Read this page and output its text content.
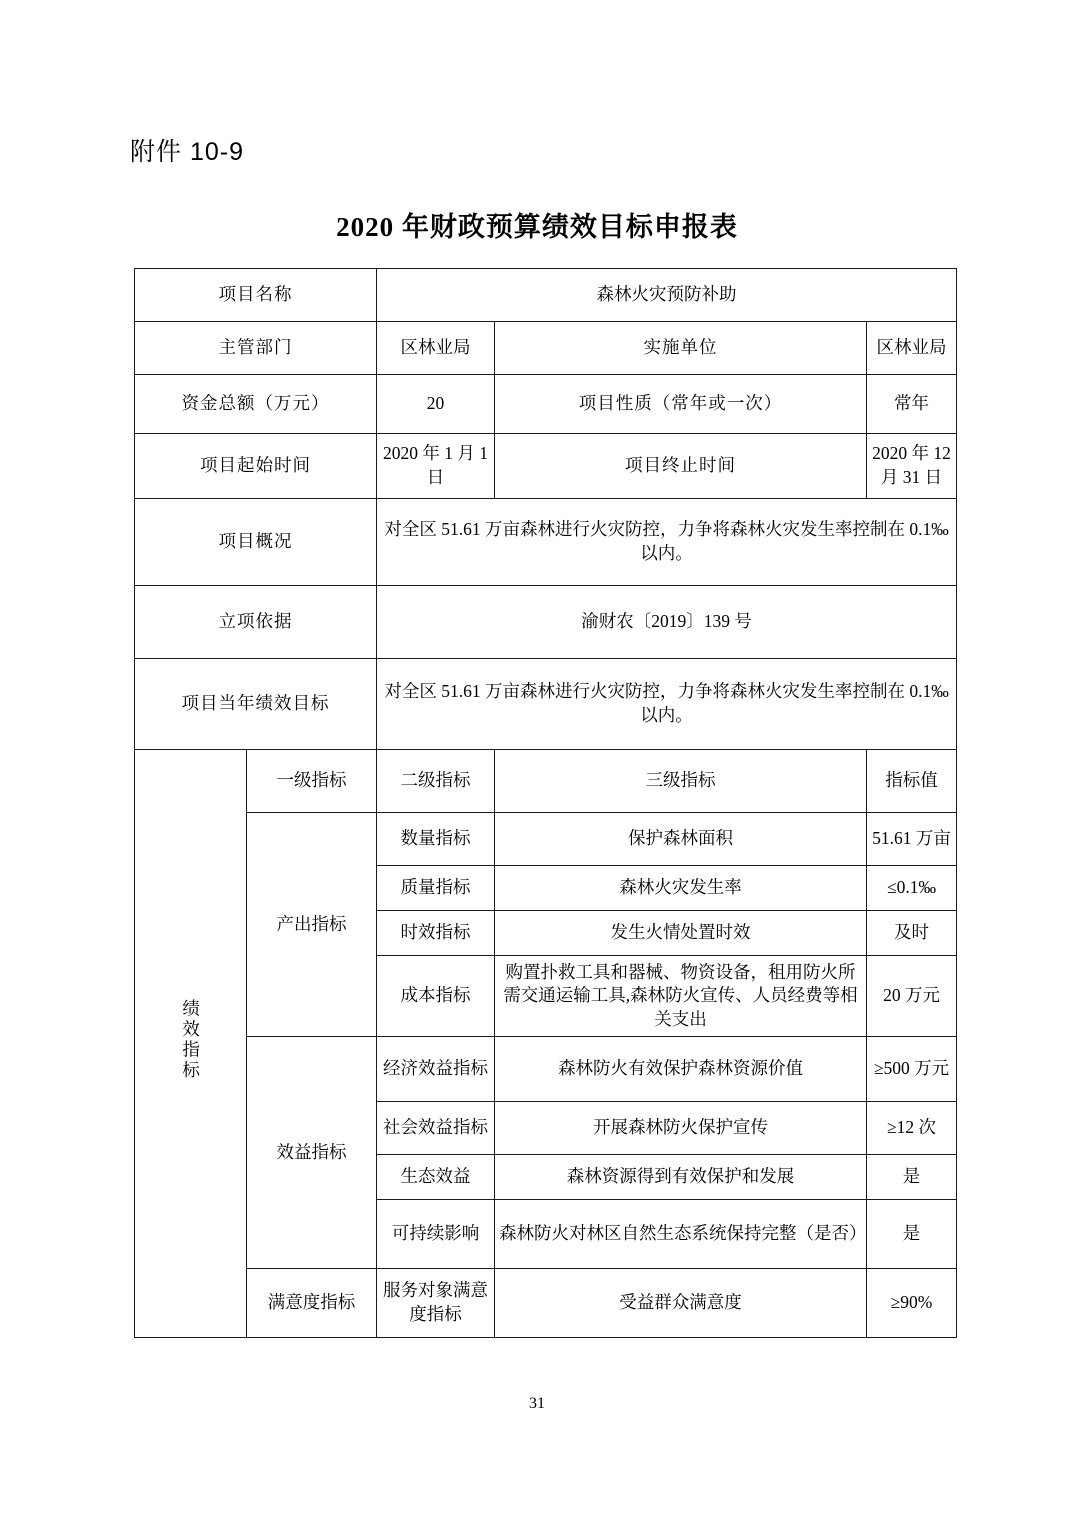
附件 10-9
2020 年财政预算绩效目标申报表
项目名称		森林火灾预防补助		
主管部门		区林业局	实施单位	区林业局
资金总额（万元）		20	项目性质（常年或一次）	常年
项目起始时间		2020 年 1 月 1 日	项目终止时间	2020 年 12 月 31 日
项目概况		对全区 51.61 万亩森林进行火灾防控，力争将森林火灾发生率控制在 0.1‰以内。		
立项依据		渝财农〔2019〕139 号		
项目当年绩效目标		对全区 51.61 万亩森林进行火灾防控，力争将森林火灾发生率控制在 0.1‰以内。		
绩效指标	一级指标	二级指标	三级指标	指标值
	产出指标	数量指标	保护森林面积	51.61 万亩
		质量指标	森林火灾发生率	≤0.1‰
		时效指标	发生火情处置时效	及时
		成本指标	购置扑救工具和器械、物资设备，租用防火所需交通运输工具,森林防火宣传、人员经费等相关支出	20 万元
	效益指标	经济效益指标	森林防火有效保护森林资源价值	≥500 万元
		社会效益指标	开展森林防火保护宣传	≥12 次
		生态效益	森林资源得到有效保护和发展	是
		可持续影响	森林防火对林区自然生态系统保持完整（是否）	是
	满意度指标	服务对象满意度指标	受益群众满意度	≥90%
31
